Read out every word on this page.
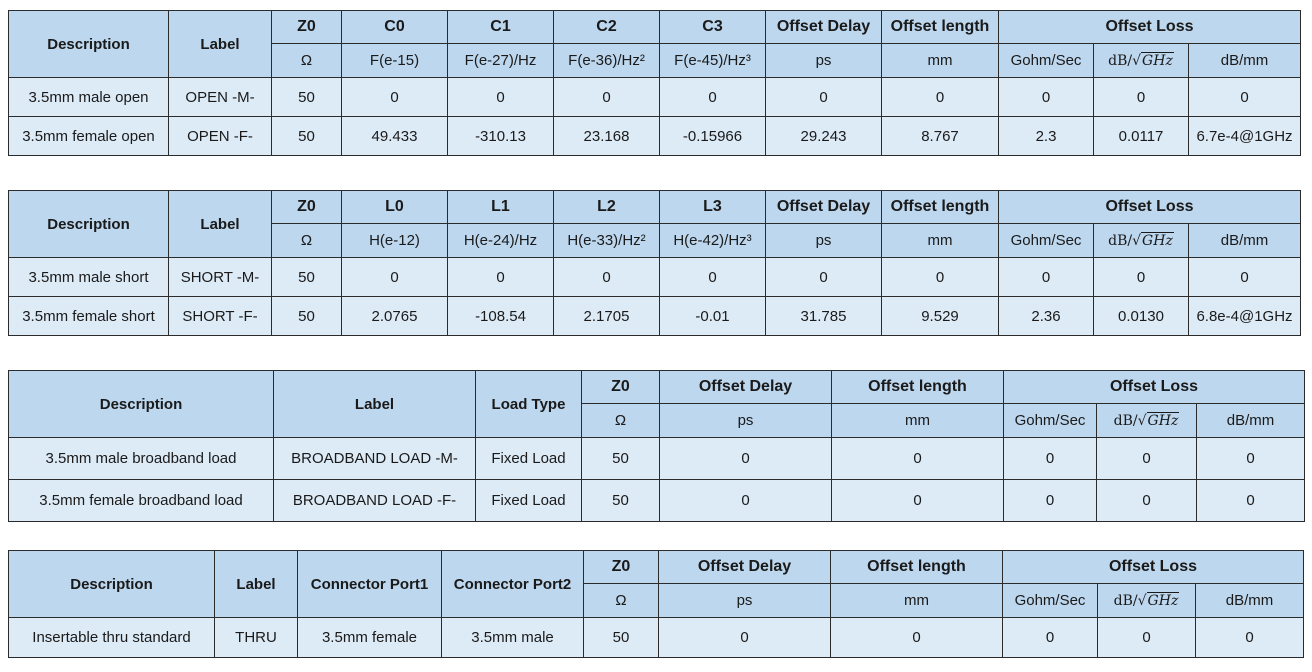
Description	Label	Z0	C0	C1	C2	C3	Offset Delay	Offset length	Offset Loss		
		Ω	F(e-15)	F(e-27)/Hz	F(e-36)/Hz²	F(e-45)/Hz³	ps	mm	Gohm/Sec	dB/√GHz	dB/mm
3.5mm male open	OPEN -M-	50	0	0	0	0	0	0	0	0	0
3.5mm female open	OPEN -F-	50	49.433	-310.13	23.168	-0.15966	29.243	8.767	2.3	0.0117	6.7e-4@1GHz
Description	Label	Z0	L0	L1	L2	L3	Offset Delay	Offset length	Offset Loss		
		Ω	H(e-12)	H(e-24)/Hz	H(e-33)/Hz²	H(e-42)/Hz³	ps	mm	Gohm/Sec	dB/√GHz	dB/mm
3.5mm male short	SHORT -M-	50	0	0	0	0	0	0	0	0	0
3.5mm female short	SHORT -F-	50	2.0765	-108.54	2.1705	-0.01	31.785	9.529	2.36	0.0130	6.8e-4@1GHz
Description	Label	Load Type	Z0	Offset Delay	Offset length	Offset Loss		
			Ω	ps	mm	Gohm/Sec	dB/√GHz	dB/mm
3.5mm male broadband load	BROADBAND LOAD -M-	Fixed Load	50	0	0	0	0	0
3.5mm female broadband load	BROADBAND LOAD -F-	Fixed Load	50	0	0	0	0	0
Description	Label	Connector Port1	Connector Port2	Z0	Offset Delay	Offset length	Offset Loss		
				Ω	ps	mm	Gohm/Sec	dB/√GHz	dB/mm
Insertable thru standard	THRU	3.5mm female	3.5mm male	50	0	0	0	0	0
